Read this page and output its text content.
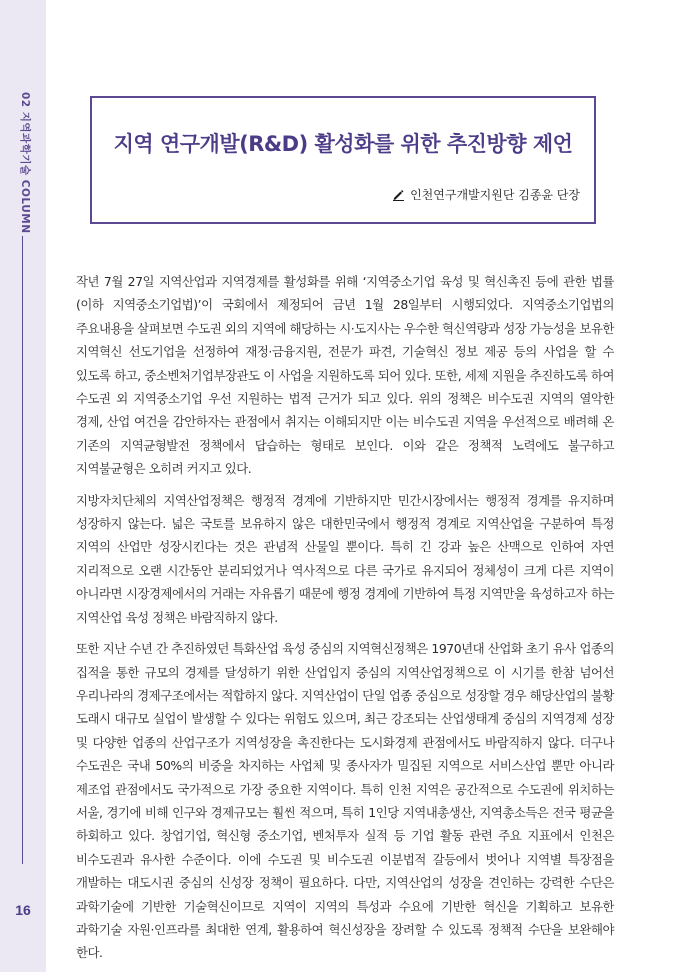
02 지역과학기술 COLUMN
16
지역 연구개발(R&D) 활성화를 위한 추진방향 제언
인천연구개발지원단 김종윤 단장

작년 7월 27일 지역산업과 지역경제를 활성화를 위해 ‘지역중소기업 육성 및 혁신촉진 등에 관한 법률(이하 지역중소기업법)’이 국회에서 제정되어 금년 1월 28일부터 시행되었다. 지역중소기업법의 주요내용을 살펴보면 수도권 외의 지역에 해당하는 시·도지사는 우수한 혁신역량과 성장 가능성을 보유한 지역혁신 선도기업을 선정하여 재정·금융지원, 전문가 파견, 기술혁신 정보 제공 등의 사업을 할 수 있도록 하고, 중소벤처기업부장관도 이 사업을 지원하도록 되어 있다. 또한, 세제 지원을 추진하도록 하여 수도권 외 지역중소기업 우선 지원하는 법적 근거가 되고 있다. 위의 정책은 비수도권 지역의 열악한 경제, 산업 여건을 감안하자는 관점에서 취지는 이해되지만 이는 비수도권 지역을 우선적으로 배려해 온 기존의 지역균형발전 정책에서 답습하는 형태로 보인다. 이와 같은 정책적 노력에도 불구하고 지역불균형은 오히려 커지고 있다.

지방자치단체의 지역산업정책은 행정적 경계에 기반하지만 민간시장에서는 행정적 경계를 유지하며 성장하지 않는다. 넓은 국토를 보유하지 않은 대한민국에서 행정적 경계로 지역산업을 구분하여 특정 지역의 산업만 성장시킨다는 것은 관념적 산물일 뿐이다. 특히 긴 강과 높은 산맥으로 인하여 자연 지리적으로 오랜 시간동안 분리되었거나 역사적으로 다른 국가로 유지되어 정체성이 크게 다른 지역이 아니라면 시장경제에서의 거래는 자유롭기 때문에 행정 경계에 기반하여 특정 지역만을 육성하고자 하는 지역산업 육성 정책은 바람직하지 않다.

또한 지난 수년 간 추진하였던 특화산업 육성 중심의 지역혁신정책은 1970년대 산업화 초기 유사 업종의 집적을 통한 규모의 경제를 달성하기 위한 산업입지 중심의 지역산업정책으로 이 시기를 한참 넘어선 우리나라의 경제구조에서는 적합하지 않다. 지역산업이 단일 업종 중심으로 성장할 경우 해당산업의 불황 도래시 대규모 실업이 발생할 수 있다는 위험도 있으며, 최근 강조되는 산업생태계 중심의 지역경제 성장 및 다양한 업종의 산업구조가 지역성장을 촉진한다는 도시화경제 관점에서도 바람직하지 않다. 더구나 수도권은 국내 50%의 비중을 차지하는 사업체 및 종사자가 밀집된 지역으로 서비스산업 뿐만 아니라 제조업 관점에서도 국가적으로 가장 중요한 지역이다. 특히 인천 지역은 공간적으로 수도권에 위치하는 서울, 경기에 비해 인구와 경제규모는 훨씬 적으며, 특히 1인당 지역내총생산, 지역총소득은 전국 평균을 하회하고 있다. 창업기업, 혁신형 중소기업, 벤처투자 실적 등 기업 활동 관련 주요 지표에서 인천은 비수도권과 유사한 수준이다. 이에 수도권 및 비수도권 이분법적 갈등에서 벗어나 지역별 특장점을 개발하는 대도시권 중심의 신성장 정책이 필요하다. 다만, 지역산업의 성장을 견인하는 강력한 수단은 과학기술에 기반한 기술혁신이므로 지역이 지역의 특성과 수요에 기반한 혁신을 기획하고 보유한 과학기술 자원·인프라를 최대한 연계, 활용하여 혁신성장을 장려할 수 있도록 정책적 수단을 보완해야 한다.
